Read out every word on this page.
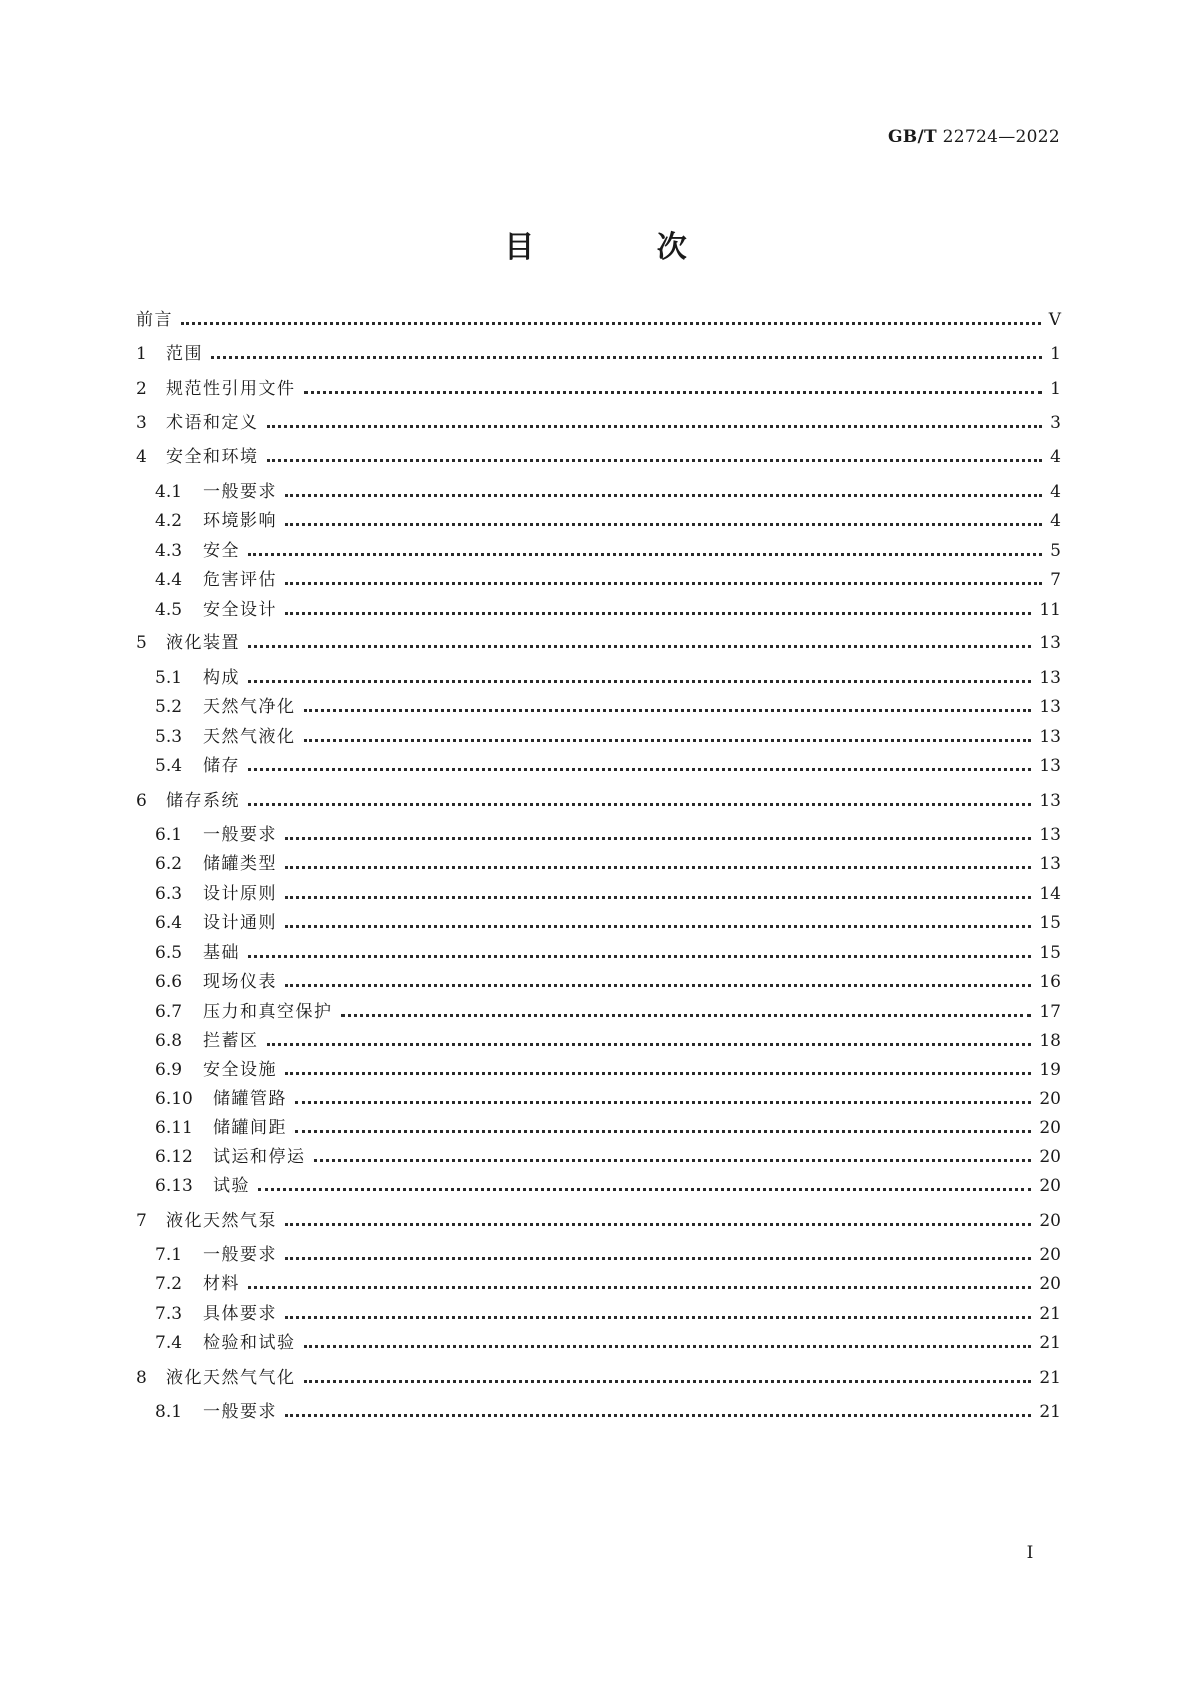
GB/T 22724—2022
目 次
前言	V
1	范围	1
2	规范性引用文件	1
3	术语和定义	3
4	安全和环境	4
4.1	一般要求	4
4.2	环境影响	4
4.3	安全	5
4.4	危害评估	7
4.5	安全设计	11
5	液化装置	13
5.1	构成	13
5.2	天然气净化	13
5.3	天然气液化	13
5.4	储存	13
6	储存系统	13
6.1	一般要求	13
6.2	储罐类型	13
6.3	设计原则	14
6.4	设计通则	15
6.5	基础	15
6.6	现场仪表	16
6.7	压力和真空保护	17
6.8	拦蓄区	18
6.9	安全设施	19
6.10	储罐管路	20
6.11	储罐间距	20
6.12	试运和停运	20
6.13	试验	20
7	液化天然气泵	20
7.1	一般要求	20
7.2	材料	20
7.3	具体要求	21
7.4	检验和试验	21
8	液化天然气气化	21
8.1	一般要求	21
I
